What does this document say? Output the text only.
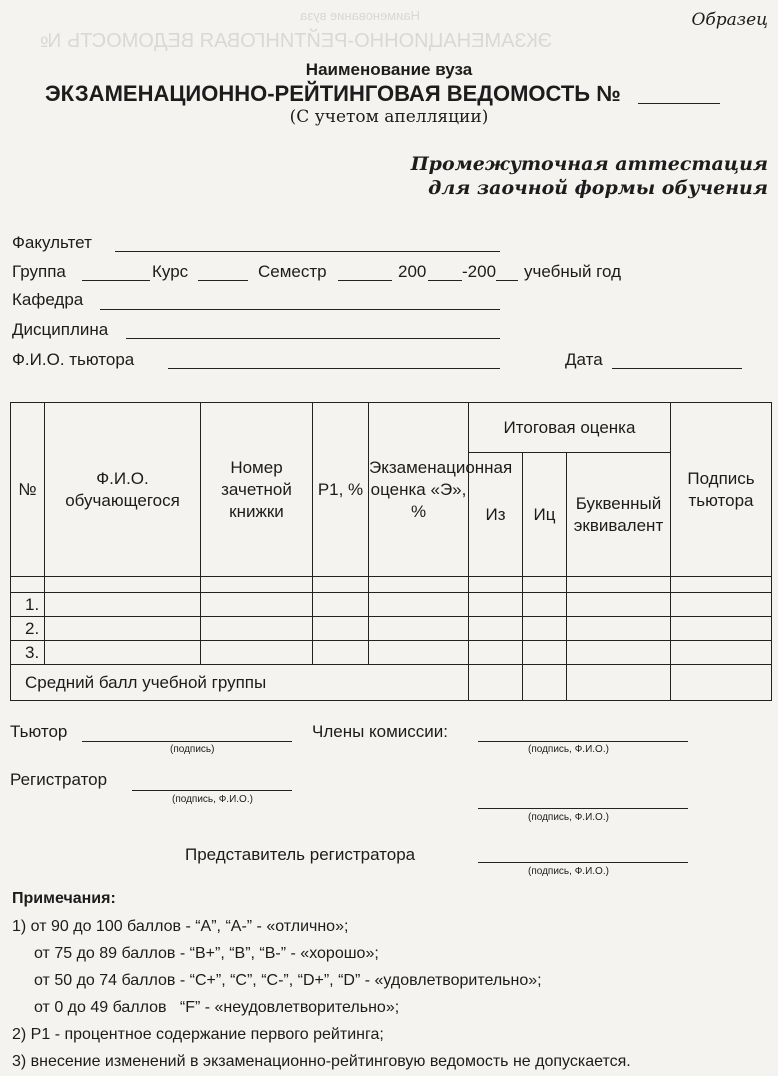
Наименование вуза
ЭКЗАМЕНАЦИОННО-РЕЙТИНГОВАЯ ВЕДОМОСТЬ №
Образец
Наименование вуза
ЭКЗАМЕНАЦИОННО-РЕЙТИНГОВАЯ ВЕДОМОСТЬ №
(С учетом апелляции)
Промежуточная аттестация
для заочной формы обучения
Факультет
Группа	Курс	Семестр	200 -200 учебный год
Кафедра
Дисциплина
Ф.И.О. тьютора	Дата
№	Ф.И.О. обучающегося	Номер зачетной книжки	P1, %	Экзаменационная оценка «Э», %	Итоговая оценка			Подпись тьютора
					Из	Иц	Буквенный эквивалент	

1.								
2.								
3.								
Средний балл учебной группы								
Тьютор
(подпись)
Члены комиссии:
(подпись, Ф.И.О.)
Регистратор
(подпись, Ф.И.О.)
(подпись, Ф.И.О.)
Представитель регистратора
(подпись, Ф.И.О.)
Примечания:
1) от 90 до 100 баллов - “A”, “A-” - «отлично»;
от 75 до 89 баллов - “B+”, “B”, “B-” - «хорошо»;
от 50 до 74 баллов - “C+”, “C”, “C-”, “D+”, “D” - «удовлетворительно»;
от 0 до 49 баллов   “F” - «неудовлетворительно»;
2) P1 - процентное содержание первого рейтинга;
3) внесение изменений в экзаменационно-рейтинговую ведомость не допускается.
